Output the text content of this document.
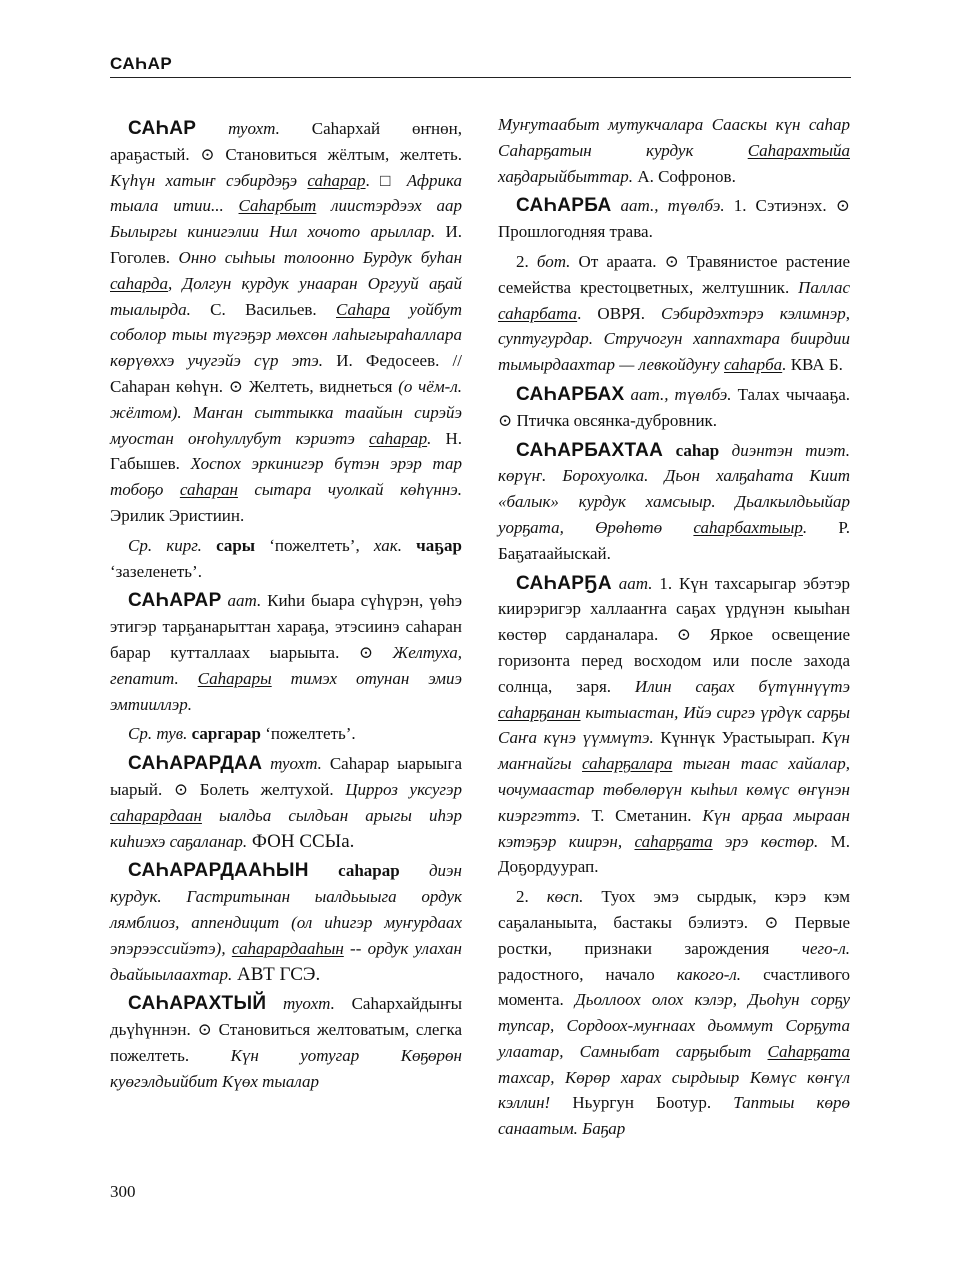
САҺАР

САҺАР туохт. Саһархай өҥнөн, араҕастый. ⊙ Становиться жёлтым, желтеть. Күһүн хатыҥ сэбирдэҕэ саһарар. □ Африка тыала итии... Саһарбыт лиистэрдээх аар Былыргы кинигэлии Нил хочото арыллар. И. Гоголев. Онно сыһыы толоонно Бурдук буһан саһарда, Долгун курдук унааран Оргууй аҕай тыалырда. С. Васильев. Саһара уойбут соболор тыы түгэҕэр мөхсөн лаһыгыраһаллара көрүөххэ учугэйэ сүр этэ. И. Федосеев. // Саһаран көһүн. ⊙ Желтеть, виднеться (о чём-л. жёлтом). Маҥан сыттыкка таайын сирэйэ муостан оҥоһуллубут кэриэтэ саһарар. Н. Габышев. Хоспох эркинигэр бүтэн эрэр тар тобоҕо саһаран сытара чуолкай көһүннэ. Эрилик Эристиин.

Ср. кирг. сары ‘пожелтеть’, хак. чаҕар ‘зазеленеть’.

САҺАРАР аат. Киһи быара сүһүрэн, үөһэ этигэр тарҕанарыттан хараҕа, этэсиинэ саһаран барар кутталлаах ыарыыта. ⊙ Желтуха, гепатит. Саһарары тимэх отунан эмиэ эмтииллэр.

Ср. тув. саргарар ‘пожелтеть’.

САҺАРАРДАА туохт. Саһарар ыарыыга ыарый. ⊙ Болеть желтухой. Цирроз уксугэр саһарардаан ыалдьа сылдьан арыгы иһэр киһиэхэ саҕаланар. ФОН ССЫа.

САҺАРАРДААҺЫН саһарар диэн курдук. Гастритынан ыалдьыыга ордук лямблиоз, аппендицит (ол иһигэр муҥурдаах эпэрээссийэтэ), саһарардааһын -- ордук улахан дьайыылаахтар. АВТ ГСЭ.

САҺАРАХТЫЙ туохт. Саһархайдыҥы дьүһүннэн. ⊙ Становиться желтоватым, слегка пожелтеть. Күн уотугар Көҕөрөн куөгэлдьийбит Күөх тыалар

Муҥутаабыт мутукчалара Сааскы күн саһар Саһарҕатын курдук Саһарахтыйа хаҕдарыйбыттар. А. Софронов.

САҺАРБА аат., түөлбэ. 1. Сэтиэнэх. ⊙ Прошлогодняя трава.

2. бот. От араата. ⊙ Травянистое растение семейства крестоцветных, желтушник. Паллас саһарбата. ОВРЯ. Сэбирдэхтэрэ кэлимнэр, суптугурдар. Стручогун хаппахтара биирдии тымырдаахтар — левкойдуҥу саһарба. КВА Б.

САҺАРБАХ аат., түөлбэ. Талах чычааҕа. ⊙ Птичка овсянка-дубровник.

САҺАРБАХТАА саһар диэнтэн тиэт. көрүҥ. Борохуолка. Дьон халҕаһата Киит «балык» курдук хамсыыр. Дьалкылдьыйар уорҕата, Өрөһөтө саһарбахтыыр. Р. Баҕатаайыскай.

САҺАРҔА аат. 1. Күн тахсарыгар эбэтэр киирэригэр халлааҥҥа саҕах үрдүнэн кыыһан көстөр сарданалара. ⊙ Яркое освещение горизонта перед восходом или после захода солнца, заря. Илин саҕах бүтүннүүтэ саһарҕанан кытыастан, Ийэ сиргэ үрдүк сарҕы Саҥа күнэ үүммүтэ. Күннүк Урастыырап. Күн маҥнайгы саһарҕалара тыган таас хайалар, чочумаастар төбөлөрүн кыһыл көмүс өҥүнэн киэргэттэ. Т. Сметанин. Күн арҕаа мыраан кэтэҕэр киирэн, саһарҕата эрэ көстөр. М. Доҕордуурап.

2. көсп. Туох эмэ сырдык, кэрэ кэм саҕаланыыта, бастакы бэлиэтэ. ⊙ Первые ростки, признаки зарождения чего-л. радостного, начало какого-л. счастливого момента. Дьоллоох олох кэлэр, Дьоһун сорҕу тупсар, Сордоох-муҥнаах дьоммут Сорҕута улаатар, Самныбат сарҕыбыт Саһарҕата тахсар, Көрөр харах сырдыыр Көмүс көҥүл кэллин! Ньургун Боотур. Таптыы көрө санаатым. Баҕар

300
